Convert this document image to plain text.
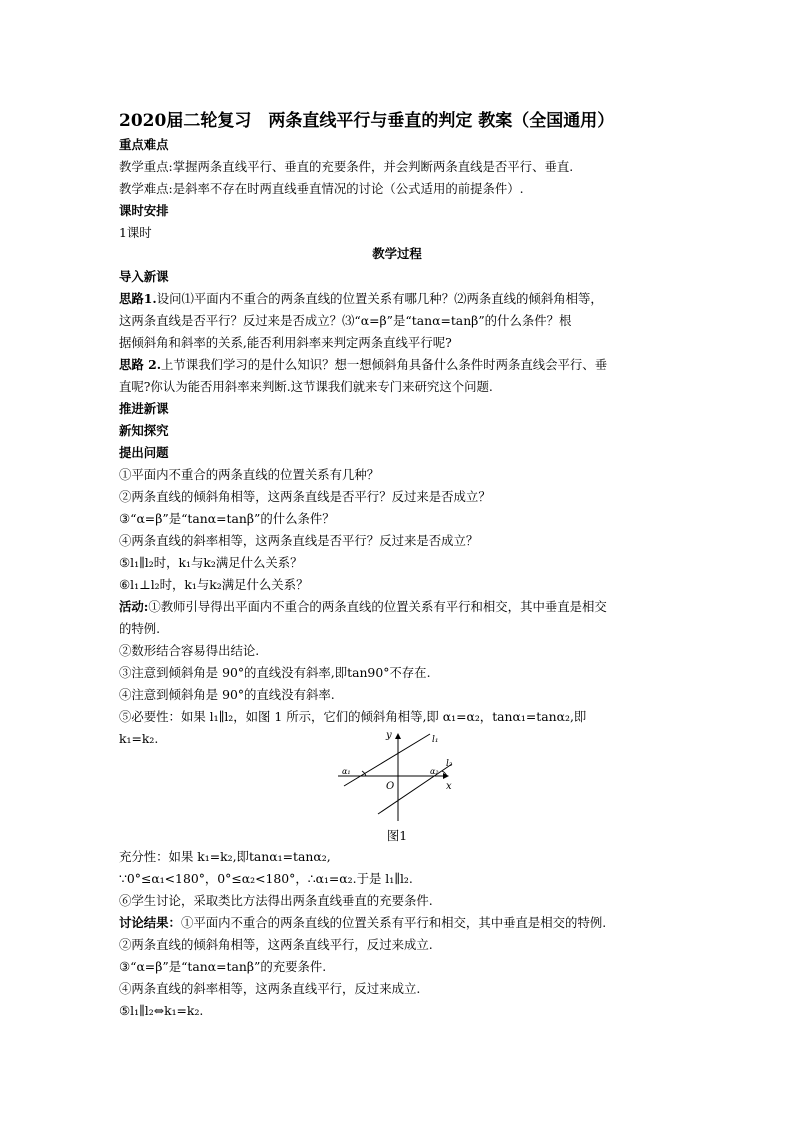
2020届二轮复习　两条直线平行与垂直的判定 教案（全国通用）
重点难点
教学重点:掌握两条直线平行、垂直的充要条件，并会判断两条直线是否平行、垂直.
教学难点:是斜率不存在时两直线垂直情况的讨论（公式适用的前提条件）.
课时安排
1课时
教学过程
导入新课
思路1.设问⑴平面内不重合的两条直线的位置关系有哪几种？⑵两条直线的倾斜角相等，
这两条直线是否平行？反过来是否成立？⑶“α=β”是“tanα=tanβ”的什么条件？根
据倾斜角和斜率的关系,能否利用斜率来判定两条直线平行呢?
思路 2.上节课我们学习的是什么知识？想一想倾斜角具备什么条件时两条直线会平行、垂
直呢?你认为能否用斜率来判断.这节课我们就来专门来研究这个问题.
推进新课
新知探究
提出问题
①平面内不重合的两条直线的位置关系有几种？
②两条直线的倾斜角相等，这两条直线是否平行？反过来是否成立？
③“α=β”是“tanα=tanβ”的什么条件？
④两条直线的斜率相等，这两条直线是否平行？反过来是否成立？
⑤l₁∥l₂时，k₁与k₂满足什么关系？
⑥l₁⊥l₂时，k₁与k₂满足什么关系？
活动:①教师引导得出平面内不重合的两条直线的位置关系有平行和相交，其中垂直是相交
的特例.
②数形结合容易得出结论.
③注意到倾斜角是 90°的直线没有斜率,即tan90°不存在.
④注意到倾斜角是 90°的直线没有斜率.
⑤必要性：如果 l₁∥l₂，如图 1 所示，它们的倾斜角相等,即 α₁=α₂，tanα₁=tanα₂,即
k₁=k₂.	y
x
O
l₁
l₂
α₁	α₂
图1
充分性：如果 k₁=k₂,即tanα₁=tanα₂,
∵0°≤α₁<180°，0°≤α₂<180°，∴α₁=α₂.于是 l₁∥l₂.
⑥学生讨论，采取类比方法得出两条直线垂直的充要条件.
讨论结果：①平面内不重合的两条直线的位置关系有平行和相交，其中垂直是相交的特例.
②两条直线的倾斜角相等，这两条直线平行，反过来成立.
③“α=β”是“tanα=tanβ”的充要条件.
④两条直线的斜率相等，这两条直线平行，反过来成立.
⑤l₁∥l₂⇔k₁=k₂.
